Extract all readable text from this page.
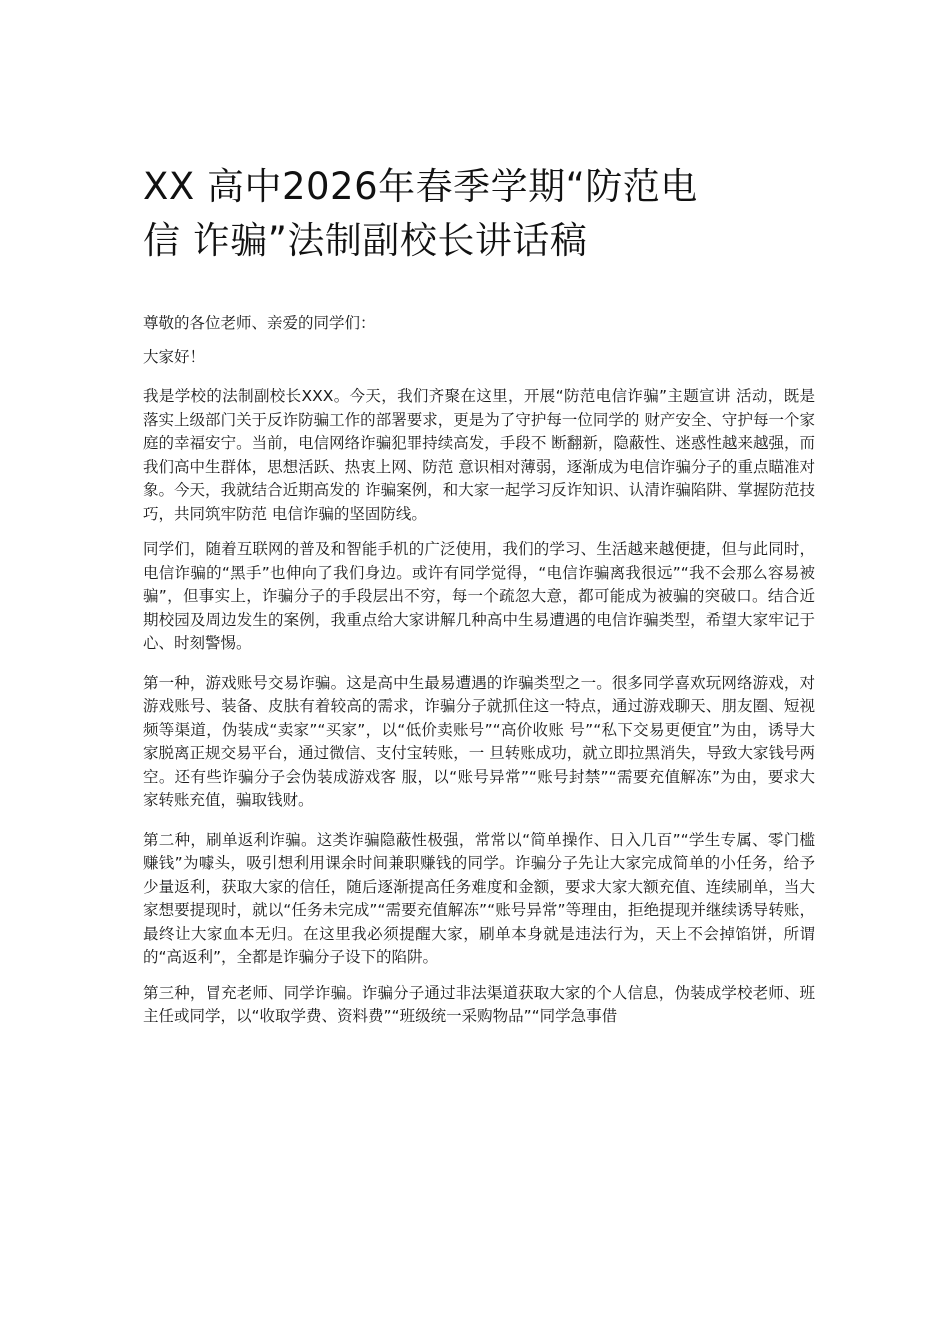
XX 高中2026年春季学期“防范电
信 诈骗”法制副校长讲话稿

尊敬的各位老师、亲爱的同学们：

大家好！

我是学校的法制副校长XXX。今天，我们齐聚在这里，开展“防范电信诈骗”主题宣讲 活动，既是落实上级部门关于反诈防骗工作的部署要求，更是为了守护每一位同学的 财产安全、守护每一个家庭的幸福安宁。当前，电信网络诈骗犯罪持续高发，手段不 断翻新，隐蔽性、迷惑性越来越强，而我们高中生群体，思想活跃、热衷上网、防范 意识相对薄弱，逐渐成为电信诈骗分子的重点瞄准对象。今天，我就结合近期高发的 诈骗案例，和大家一起学习反诈知识、认清诈骗陷阱、掌握防范技巧，共同筑牢防范 电信诈骗的坚固防线。

同学们，随着互联网的普及和智能手机的广泛使用，我们的学习、生活越来越便捷，但与此同时，电信诈骗的“黑手”也伸向了我们身边。或许有同学觉得，“电信诈骗离我很远”“我不会那么容易被骗”，但事实上，诈骗分子的手段层出不穷，每一个疏忽大意，都可能成为被骗的突破口。结合近期校园及周边发生的案例，我重点给大家讲解几种高中生易遭遇的电信诈骗类型，希望大家牢记于心、时刻警惕。

第一种，游戏账号交易诈骗。这是高中生最易遭遇的诈骗类型之一。很多同学喜欢玩网络游戏，对游戏账号、装备、皮肤有着较高的需求，诈骗分子就抓住这一特点，通过游戏聊天、朋友圈、短视频等渠道，伪装成“卖家”“买家”，以“低价卖账号”“高价收账 号”“私下交易更便宜”为由，诱导大家脱离正规交易平台，通过微信、支付宝转账，一 旦转账成功，就立即拉黑消失，导致大家钱号两空。还有些诈骗分子会伪装成游戏客 服，以“账号异常”“账号封禁”“需要充值解冻”为由，要求大家转账充值，骗取钱财。

第二种，刷单返利诈骗。这类诈骗隐蔽性极强，常常以“简单操作、日入几百”“学生专属、零门槛赚钱”为噱头，吸引想利用课余时间兼职赚钱的同学。诈骗分子先让大家完成简单的小任务，给予少量返利，获取大家的信任，随后逐渐提高任务难度和金额，要求大家大额充值、连续刷单，当大家想要提现时，就以“任务未完成”“需要充值解冻”“账号异常”等理由，拒绝提现并继续诱导转账，最终让大家血本无归。在这里我必须提醒大家，刷单本身就是违法行为，天上不会掉馅饼，所谓的“高返利”，全都是诈骗分子设下的陷阱。

第三种，冒充老师、同学诈骗。诈骗分子通过非法渠道获取大家的个人信息，伪装成学校老师、班主任或同学，以“收取学费、资料费”“班级统一采购物品”“同学急事借
